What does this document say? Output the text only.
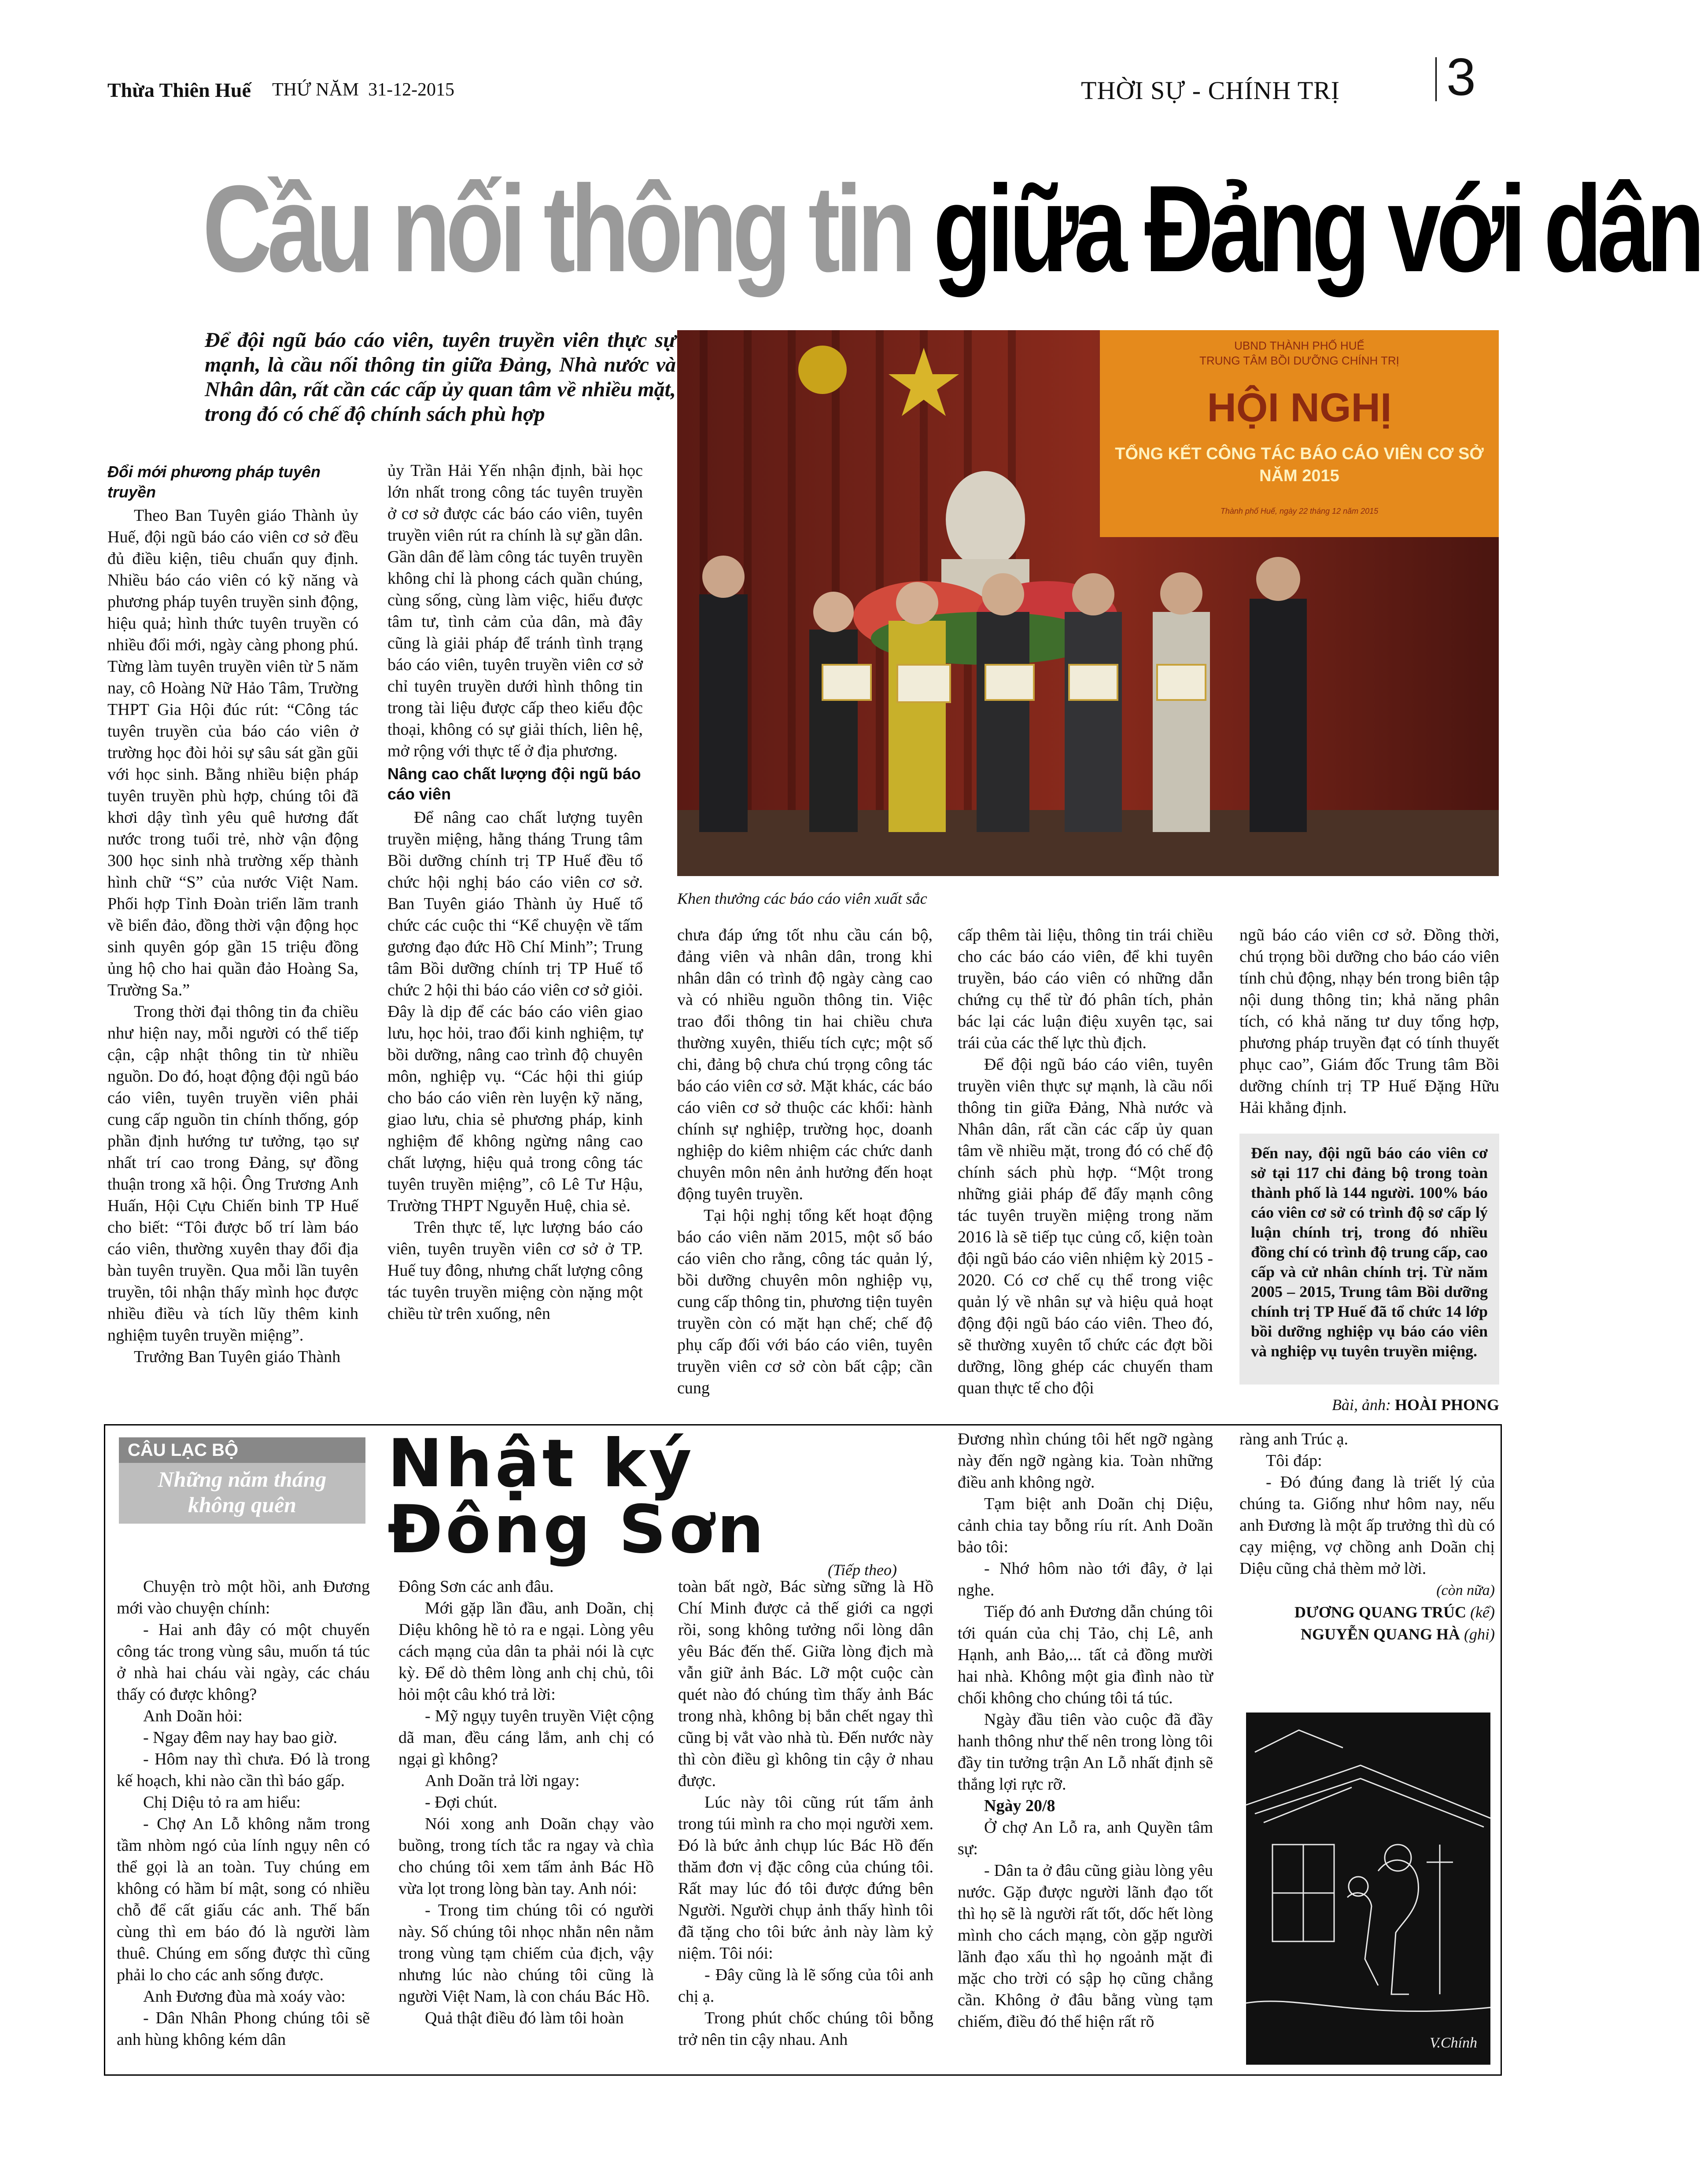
Thừa Thiên Huế THỨ NĂM  31-12-2015	THỜI SỰ - CHÍNH TRỊ 3
Cầu nối thông tin giữa Đảng với dân
Để đội ngũ báo cáo viên, tuyên truyền viên thực sự mạnh, là cầu nối thông tin giữa Đảng, Nhà nước và Nhân dân, rất cần các cấp ủy quan tâm về nhiều mặt, trong đó có chế độ chính sách phù hợp
UBND THÀNH PHỐ HUẾ
TRUNG TÂM BỒI DƯỠNG CHÍNH TRỊ
HỘI NGHỊ
TỔNG KẾT CÔNG TÁC BÁO CÁO VIÊN CƠ SỞ NĂM 2015
Thành phố Huế, ngày 22 tháng 12 năm 2015
Khen thưởng các báo cáo viên xuất sắc
Đổi mới phương pháp tuyên truyền

Theo Ban Tuyên giáo Thành ủy Huế, đội ngũ báo cáo viên cơ sở đều đủ điều kiện, tiêu chuẩn quy định. Nhiều báo cáo viên có kỹ năng và phương pháp tuyên truyền sinh động, hiệu quả; hình thức tuyên truyền có nhiều đổi mới, ngày càng phong phú. Từng làm tuyên truyền viên từ 5 năm nay, cô Hoàng Nữ Hảo Tâm, Trường THPT Gia Hội đúc rút: “Công tác tuyên truyền của báo cáo viên ở trường học đòi hỏi sự sâu sát gần gũi với học sinh. Bằng nhiều biện pháp tuyên truyền phù hợp, chúng tôi đã khơi dậy tình yêu quê hương đất nước trong tuổi trẻ, nhờ vận động 300 học sinh nhà trường xếp thành hình chữ “S” của nước Việt Nam. Phối hợp Tỉnh Đoàn triển lãm tranh về biển đảo, đồng thời vận động học sinh quyên góp gần 15 triệu đồng ủng hộ cho hai quần đảo Hoàng Sa, Trường Sa.”

Trong thời đại thông tin đa chiều như hiện nay, mỗi người có thể tiếp cận, cập nhật thông tin từ nhiều nguồn. Do đó, hoạt động đội ngũ báo cáo viên, tuyên truyền viên phải cung cấp nguồn tin chính thống, góp phần định hướng tư tưởng, tạo sự nhất trí cao trong Đảng, sự đồng thuận trong xã hội. Ông Trương Anh Huấn, Hội Cựu Chiến binh TP Huế cho biết: “Tôi được bố trí làm báo cáo viên, thường xuyên thay đổi địa bàn tuyên truyền. Qua mỗi lần tuyên truyền, tôi nhận thấy mình học được nhiều điều và tích lũy thêm kinh nghiệm tuyên truyền miệng”.

Trưởng Ban Tuyên giáo Thành

ủy Trần Hải Yến nhận định, bài học lớn nhất trong công tác tuyên truyền ở cơ sở được các báo cáo viên, tuyên truyền viên rút ra chính là sự gần dân. Gần dân để làm công tác tuyên truyền không chỉ là phong cách quần chúng, cùng sống, cùng làm việc, hiểu được tâm tư, tình cảm của dân, mà đây cũng là giải pháp để tránh tình trạng báo cáo viên, tuyên truyền viên cơ sở chỉ tuyên truyền dưới hình thông tin trong tài liệu được cấp theo kiểu độc thoại, không có sự giải thích, liên hệ, mở rộng với thực tế ở địa phương.

Nâng cao chất lượng đội ngũ báo cáo viên

Để nâng cao chất lượng tuyên truyền miệng, hằng tháng Trung tâm Bồi dưỡng chính trị TP Huế đều tổ chức hội nghị báo cáo viên cơ sở. Ban Tuyên giáo Thành ủy Huế tổ chức các cuộc thi “Kể chuyện về tấm gương đạo đức Hồ Chí Minh”; Trung tâm Bồi dưỡng chính trị TP Huế tổ chức 2 hội thi báo cáo viên cơ sở giỏi. Đây là dịp để các báo cáo viên giao lưu, học hỏi, trao đổi kinh nghiệm, tự bồi dưỡng, nâng cao trình độ chuyên môn, nghiệp vụ. “Các hội thi giúp cho báo cáo viên rèn luyện kỹ năng, giao lưu, chia sẻ phương pháp, kinh nghiệm để không ngừng nâng cao chất lượng, hiệu quả trong công tác tuyên truyền miệng”, cô Lê Tư Hậu, Trường THPT Nguyễn Huệ, chia sẻ.

Trên thực tế, lực lượng báo cáo viên, tuyên truyền viên cơ sở ở TP. Huế tuy đông, nhưng chất lượng công tác tuyên truyền miệng còn nặng một chiều từ trên xuống, nên

chưa đáp ứng tốt nhu cầu cán bộ, đảng viên và nhân dân, trong khi nhân dân có trình độ ngày càng cao và có nhiều nguồn thông tin. Việc trao đổi thông tin hai chiều chưa thường xuyên, thiếu tích cực; một số chi, đảng bộ chưa chú trọng công tác báo cáo viên cơ sở. Mặt khác, các báo cáo viên cơ sở thuộc các khối: hành chính sự nghiệp, trường học, doanh nghiệp do kiêm nhiệm các chức danh chuyên môn nên ảnh hưởng đến hoạt động tuyên truyền.

Tại hội nghị tổng kết hoạt động báo cáo viên năm 2015, một số báo cáo viên cho rằng, công tác quản lý, bồi dưỡng chuyên môn nghiệp vụ, cung cấp thông tin, phương tiện tuyên truyền còn có mặt hạn chế; chế độ phụ cấp đối với báo cáo viên, tuyên truyền viên cơ sở còn bất cập; cần cung

cấp thêm tài liệu, thông tin trái chiều cho các báo cáo viên, để khi tuyên truyền, báo cáo viên có những dẫn chứng cụ thể từ đó phân tích, phản bác lại các luận điệu xuyên tạc, sai trái của các thế lực thù địch.

Để đội ngũ báo cáo viên, tuyên truyền viên thực sự mạnh, là cầu nối thông tin giữa Đảng, Nhà nước và Nhân dân, rất cần các cấp ủy quan tâm về nhiều mặt, trong đó có chế độ chính sách phù hợp. “Một trong những giải pháp để đẩy mạnh công tác tuyên truyền miệng trong năm 2016 là sẽ tiếp tục củng cố, kiện toàn đội ngũ báo cáo viên nhiệm kỳ 2015 - 2020. Có cơ chế cụ thể trong việc quản lý về nhân sự và hiệu quả hoạt động đội ngũ báo cáo viên. Theo đó, sẽ thường xuyên tổ chức các đợt bồi dưỡng, lồng ghép các chuyến tham quan thực tế cho đội

ngũ báo cáo viên cơ sở. Đồng thời, chú trọng bồi dưỡng cho báo cáo viên tính chủ động, nhạy bén trong biên tập nội dung thông tin; khả năng phân tích, có khả năng tư duy tổng hợp, phương pháp truyền đạt có tính thuyết phục cao”, Giám đốc Trung tâm Bồi dưỡng chính trị TP Huế Đặng Hữu Hải khẳng định.

Đến nay, đội ngũ báo cáo viên cơ sở tại 117 chi đảng bộ trong toàn thành phố là 144 người. 100% báo cáo viên cơ sở có trình độ sơ cấp lý luận chính trị, trong đó nhiều đồng chí có trình độ trung cấp, cao cấp và cử nhân chính trị. Từ năm 2005 – 2015, Trung tâm Bồi dưỡng chính trị TP Huế đã tổ chức 14 lớp bồi dưỡng nghiệp vụ báo cáo viên và nghiệp vụ tuyên truyền miệng.
Bài, ảnh: HOÀI PHONG
CÂU LẠC BỘ
Những năm tháng không quên
Nhật ký
Đông Sơn
(Tiếp theo)

Chuyện trò một hồi, anh Đương mới vào chuyện chính:

- Hai anh đây có một chuyến công tác trong vùng sâu, muốn tá túc ở nhà hai cháu vài ngày, các cháu thấy có được không?

Anh Doãn hỏi:

- Ngay đêm nay hay bao giờ.

- Hôm nay thì chưa. Đó là trong kế hoạch, khi nào cần thì báo gấp.

Chị Diệu tỏ ra am hiểu:

- Chợ An Lỗ không nằm trong tầm nhòm ngó của lính ngụy nên có thể gọi là an toàn. Tuy chúng em không có hầm bí mật, song có nhiều chỗ để cất giấu các anh. Thế bấn cùng thì em báo đó là người làm thuê. Chúng em sống được thì cũng phải lo cho các anh sống được.

Anh Đương đùa mà xoáy vào:

- Dân Nhân Phong chúng tôi sẽ anh hùng không kém dân

Đông Sơn các anh đâu.

Mới gặp lần đầu, anh Doãn, chị Diệu không hề tỏ ra e ngại. Lòng yêu cách mạng của dân ta phải nói là cực kỳ. Để dò thêm lòng anh chị chủ, tôi hỏi một câu khó trả lời:

- Mỹ ngụy tuyên truyền Việt cộng dã man, đều cáng lắm, anh chị có ngại gì không?

Anh Doãn trả lời ngay:

- Đợi chút.

Nói xong anh Doãn chạy vào buồng, trong tích tắc ra ngay và chìa cho chúng tôi xem tấm ảnh Bác Hồ vừa lọt trong lòng bàn tay. Anh nói:

- Trong tim chúng tôi có người này. Số chúng tôi nhọc nhằn nên nằm trong vùng tạm chiếm của địch, vậy nhưng lúc nào chúng tôi cũng là người Việt Nam, là con cháu Bác Hồ.

Quả thật điều đó làm tôi hoàn

toàn bất ngờ, Bác sừng sững là Hồ Chí Minh được cả thế giới ca ngợi rồi, song không tưởng nổi lòng dân yêu Bác đến thế. Giữa lòng địch mà vẫn giữ ảnh Bác. Lỡ một cuộc càn quét nào đó chúng tìm thấy ảnh Bác trong nhà, không bị bắn chết ngay thì cũng bị vắt vào nhà tù. Đến nước này thì còn điều gì không tin cậy ở nhau được.

Lúc này tôi cũng rút tấm ảnh trong túi mình ra cho mọi người xem. Đó là bức ảnh chụp lúc Bác Hồ đến thăm đơn vị đặc công của chúng tôi. Rất may lúc đó tôi được đứng bên Người. Người chụp ảnh thấy hình tôi đã tặng cho tôi bức ảnh này làm kỷ niệm. Tôi nói:

- Đây cũng là lẽ sống của tôi anh chị ạ.

Trong phút chốc chúng tôi bỗng trở nên tin cậy nhau. Anh

Đương nhìn chúng tôi hết ngỡ ngàng này đến ngỡ ngàng kia. Toàn những điều anh không ngờ.

Tạm biệt anh Doãn chị Diệu, cảnh chia tay bỗng ríu rít. Anh Doãn bảo tôi:

- Nhớ hôm nào tới đây, ở lại nghe.

Tiếp đó anh Đương dẫn chúng tôi tới quán của chị Tảo, chị Lê, anh Hạnh, anh Bảo,... tất cả đồng mười hai nhà. Không một gia đình nào từ chối không cho chúng tôi tá túc.

Ngày đầu tiên vào cuộc đã đầy hanh thông như thế nên trong lòng tôi đầy tin tưởng trận An Lỗ nhất định sẽ thắng lợi rực rỡ.

Ngày 20/8

Ở chợ An Lỗ ra, anh Quyền tâm sự:

- Dân ta ở đâu cũng giàu lòng yêu nước. Gặp được người lãnh đạo tốt thì họ sẽ là người rất tốt, dốc hết lòng mình cho cách mạng, còn gặp người lãnh đạo xấu thì họ ngoảnh mặt đi mặc cho trời có sập họ cũng chẳng cần. Không ở đâu bằng vùng tạm chiếm, điều đó thể hiện rất rõ

ràng anh Trúc ạ.

Tôi đáp:

- Đó đúng đang là triết lý của chúng ta. Giống như hôm nay, nếu anh Đương là một ấp trưởng thì dù có cạy miệng, vợ chồng anh Doãn chị Diệu cũng chả thèm mở lời.

(còn nữa)

DƯƠNG QUANG TRÚC (kể)
NGUYỄN QUANG HÀ (ghi)
V.Chính
